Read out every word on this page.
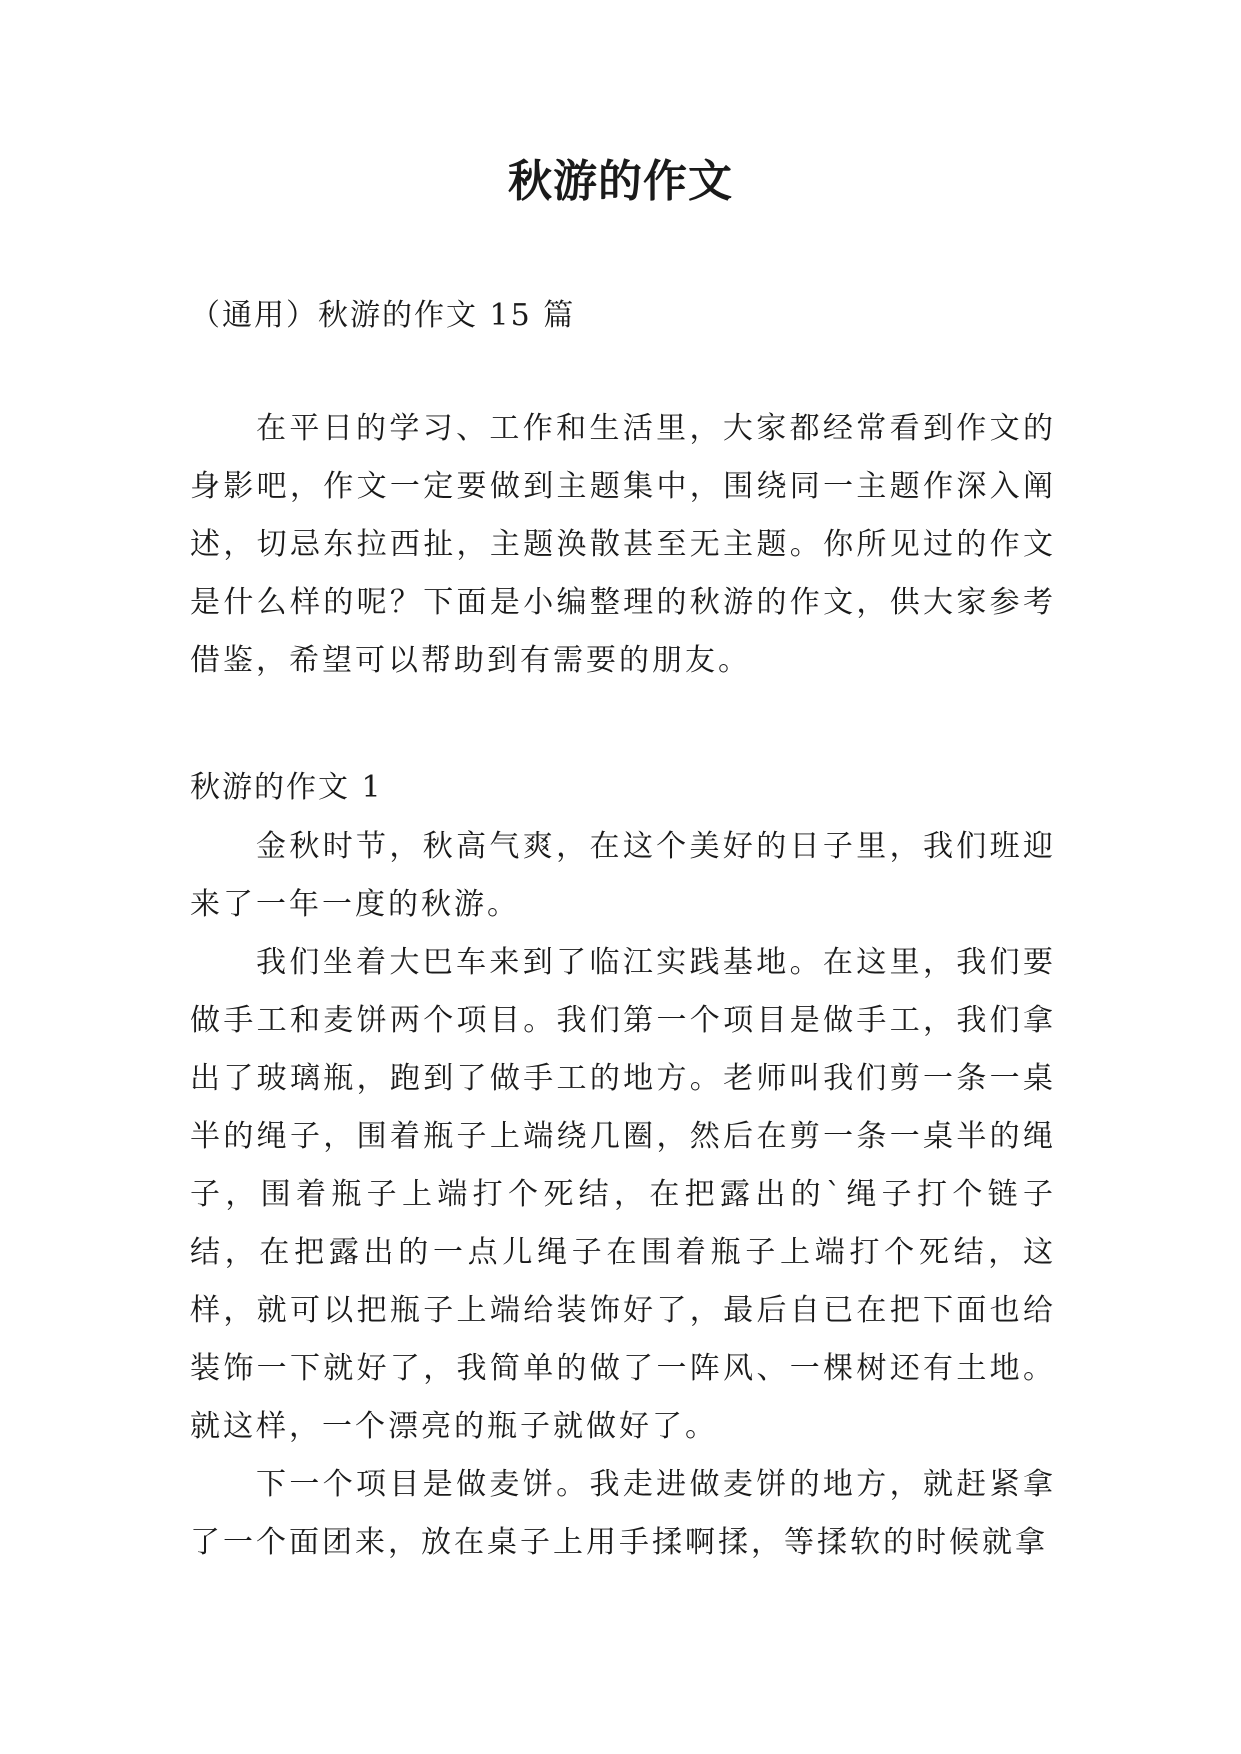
秋游的作文
（通用）秋游的作文 15 篇

在平日的学习、工作和生活里，大家都经常看到作文的身影吧，作文一定要做到主题集中，围绕同一主题作深入阐述，切忌东拉西扯，主题涣散甚至无主题。你所见过的作文是什么样的呢？下面是小编整理的秋游的作文，供大家参考借鉴，希望可以帮助到有需要的朋友。

秋游的作文 1

金秋时节，秋高气爽，在这个美好的日子里，我们班迎来了一年一度的秋游。

我们坐着大巴车来到了临江实践基地。在这里，我们要做手工和麦饼两个项目。我们第一个项目是做手工，我们拿出了玻璃瓶，跑到了做手工的地方。老师叫我们剪一条一桌半的绳子，围着瓶子上端绕几圈，然后在剪一条一桌半的绳子，围着瓶子上端打个死结，在把露出的`绳子打个链子结，在把露出的一点儿绳子在围着瓶子上端打个死结，这样，就可以把瓶子上端给装饰好了，最后自已在把下面也给装饰一下就好了，我简单的做了一阵风、一棵树还有土地。就这样，一个漂亮的瓶子就做好了。

下一个项目是做麦饼。我走进做麦饼的地方，就赶紧拿了一个面团来，放在桌子上用手揉啊揉，等揉软的时候就拿
